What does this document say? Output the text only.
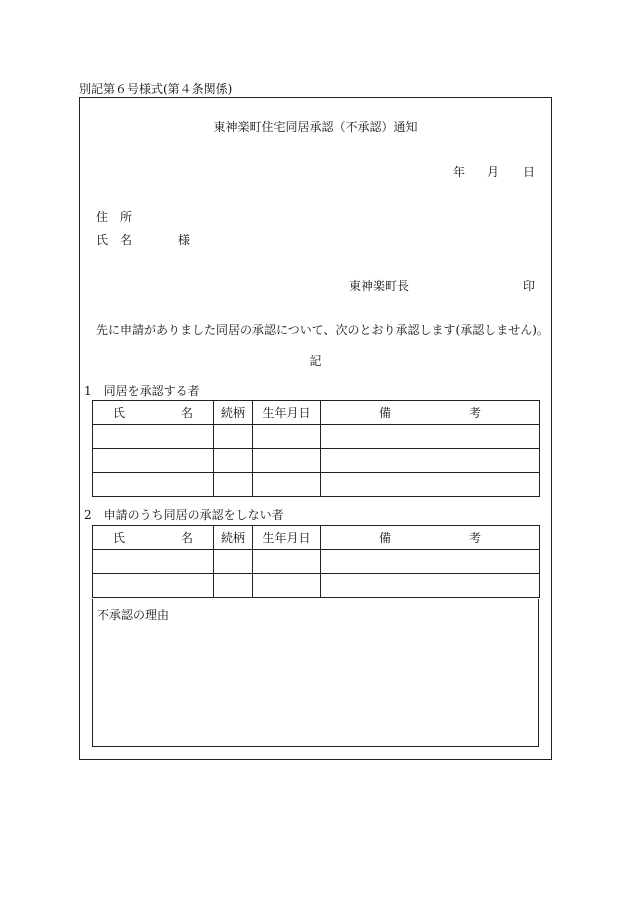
別記第６号様式(第４条関係)
東神楽町住宅同居承認（不承認）通知
年 月 日
住　所
氏　名	様
東神楽町長	印
先に申請がありました同居の承認について、次のとおり承認します(承認しません)。
記
1　同居を承認する者
氏 名	続柄	生年月日	備 考

2　申請のうち同居の承認をしない者
氏 名	続柄	生年月日	備 考

不承認の理由
